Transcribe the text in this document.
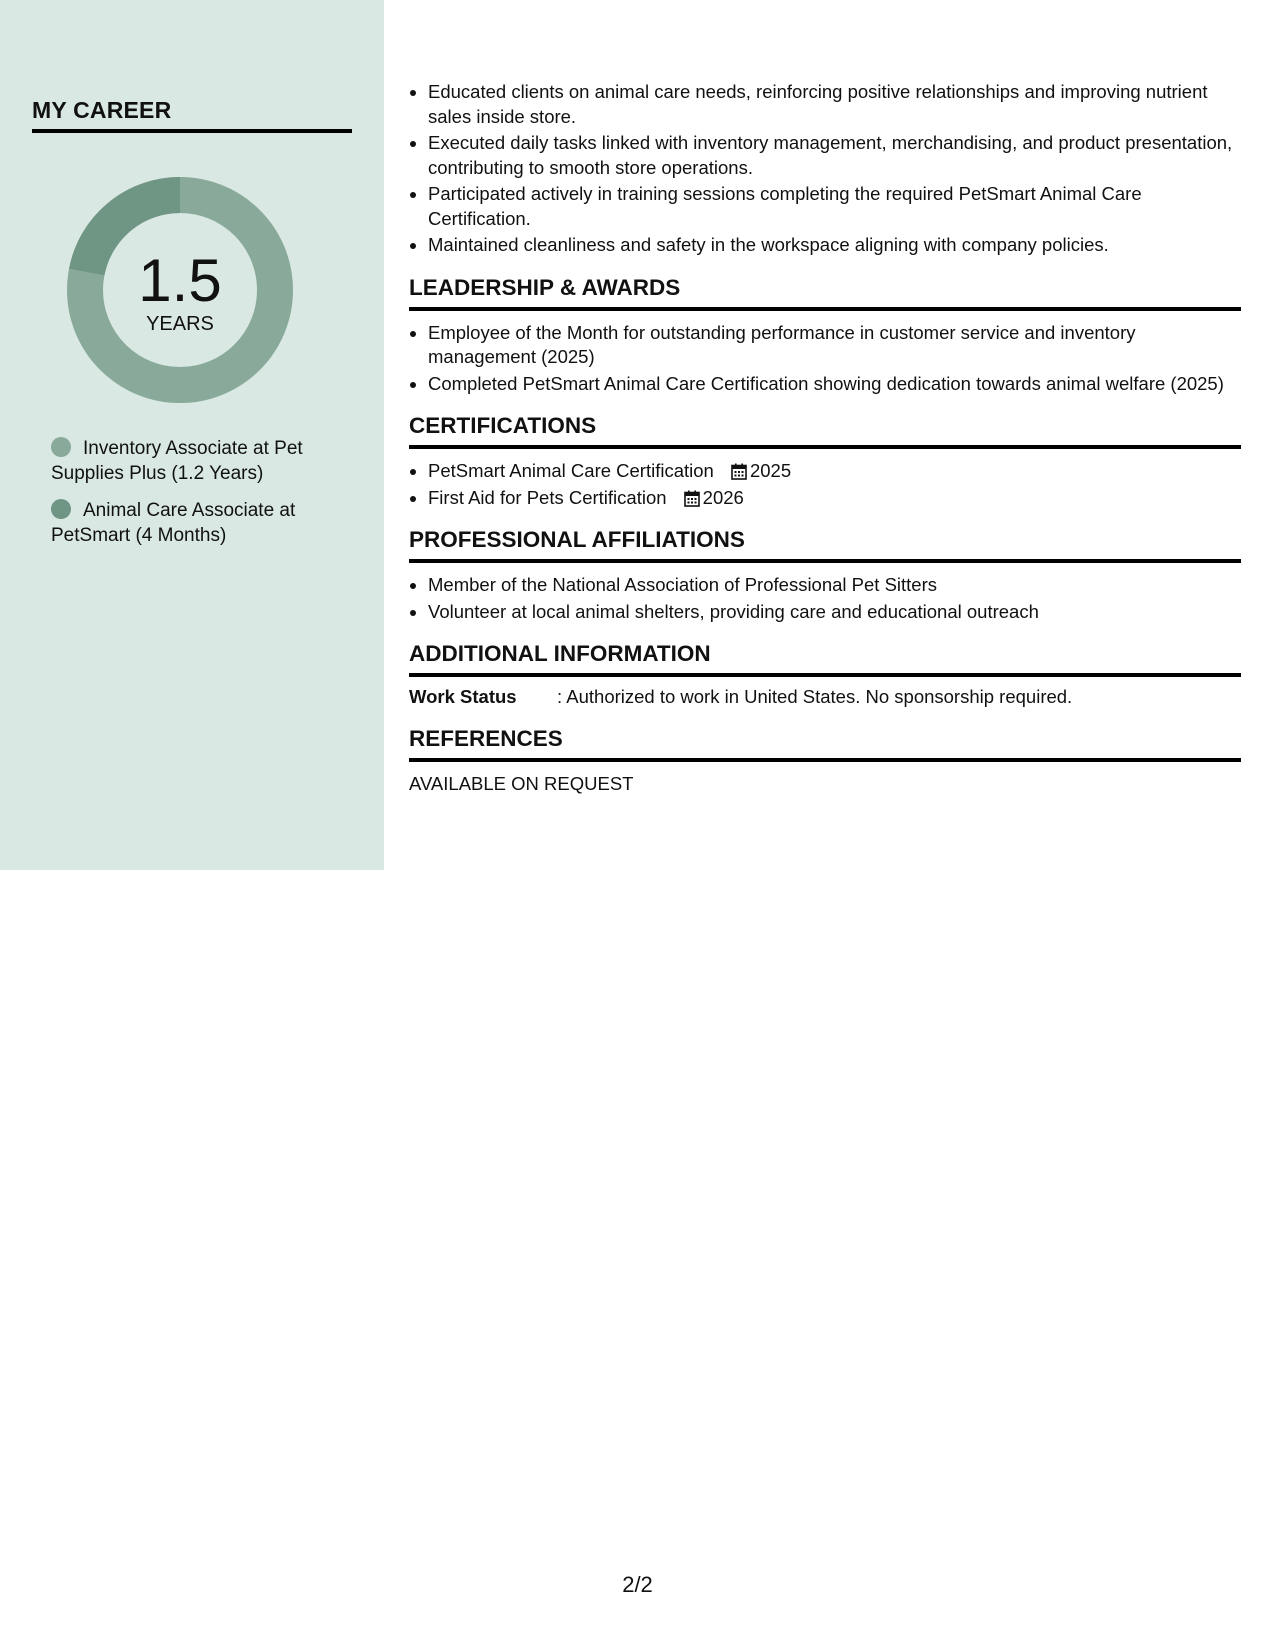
MY CAREER
1.5
YEARS
Inventory Associate at Pet Supplies Plus (1.2 Years)
Animal Care Associate at PetSmart (4 Months)
• Educated clients on animal care needs, reinforcing positive relationships and improving nutrient sales inside store.
• Executed daily tasks linked with inventory management, merchandising, and product presentation, contributing to smooth store operations.
• Participated actively in training sessions completing the required PetSmart Animal Care Certification.
• Maintained cleanliness and safety in the workspace aligning with company policies.
LEADERSHIP & AWARDS
• Employee of the Month for outstanding performance in customer service and inventory management (2025)
• Completed PetSmart Animal Care Certification showing dedication towards animal welfare (2025)
CERTIFICATIONS
• PetSmart Animal Care Certification 2025
• First Aid for Pets Certification 2026
PROFESSIONAL AFFILIATIONS
• Member of the National Association of Professional Pet Sitters
• Volunteer at local animal shelters, providing care and educational outreach
ADDITIONAL INFORMATION
Work Status : Authorized to work in United States. No sponsorship required.
REFERENCES
AVAILABLE ON REQUEST
2/2
